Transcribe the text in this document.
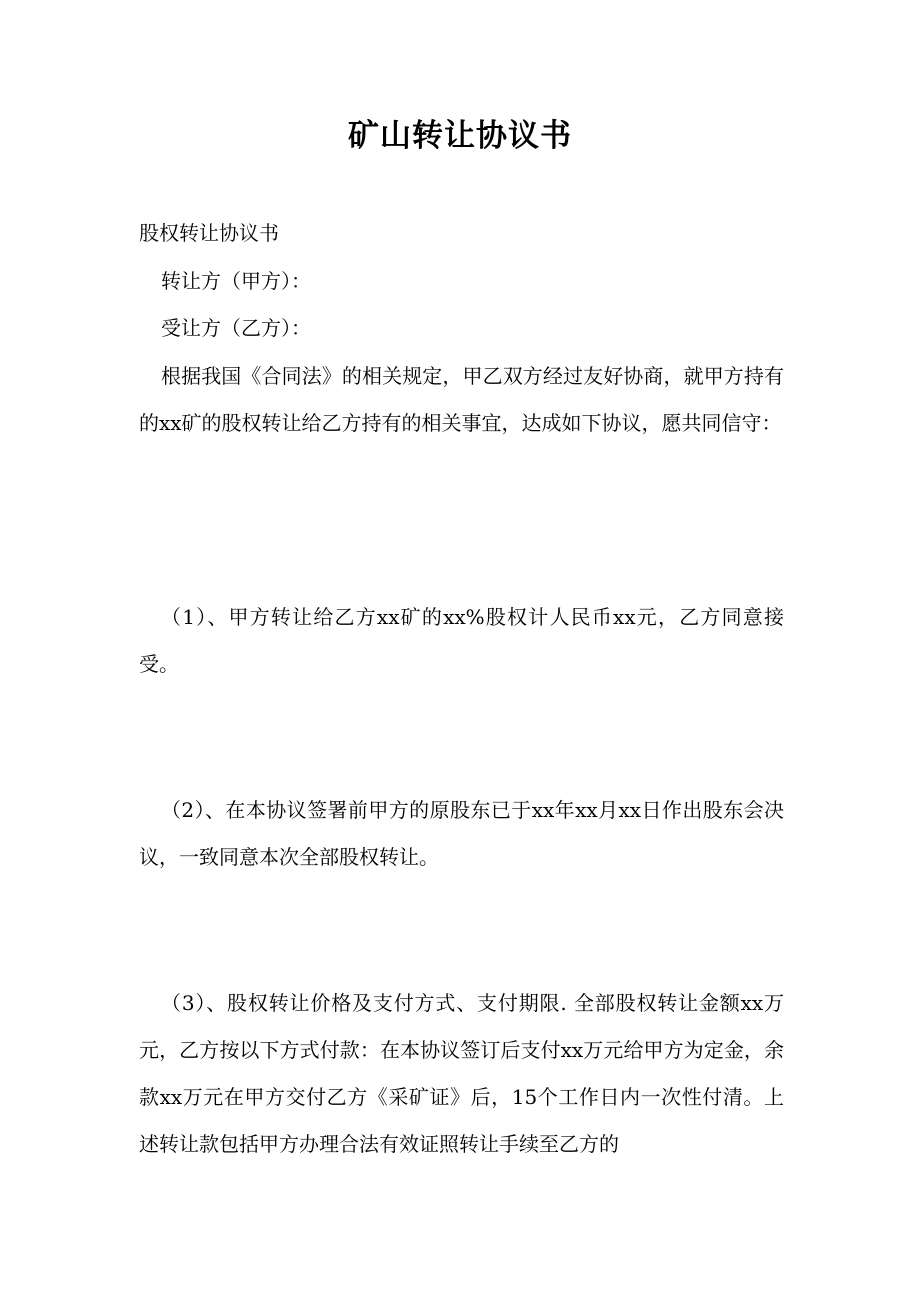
矿山转让协议书

股权转让协议书

转让方（甲方）：

受让方（乙方）：

根据我国《合同法》的相关规定，甲乙双方经过友好协商，就甲方持有的xx矿的股权转让给乙方持有的相关事宜，达成如下协议，愿共同信守：

（1）、甲方转让给乙方xx矿的xx%股权计人民币xx元，乙方同意接受。

（2）、在本协议签署前甲方的原股东已于xx年xx月xx日作出股东会决议，一致同意本次全部股权转让。

（3）、股权转让价格及支付方式、支付期限. 全部股权转让金额xx万元，乙方按以下方式付款：在本协议签订后支付xx万元给甲方为定金，余款xx万元在甲方交付乙方《采矿证》后，15个工作日内一次性付清。上述转让款包括甲方办理合法有效证照转让手续至乙方的
